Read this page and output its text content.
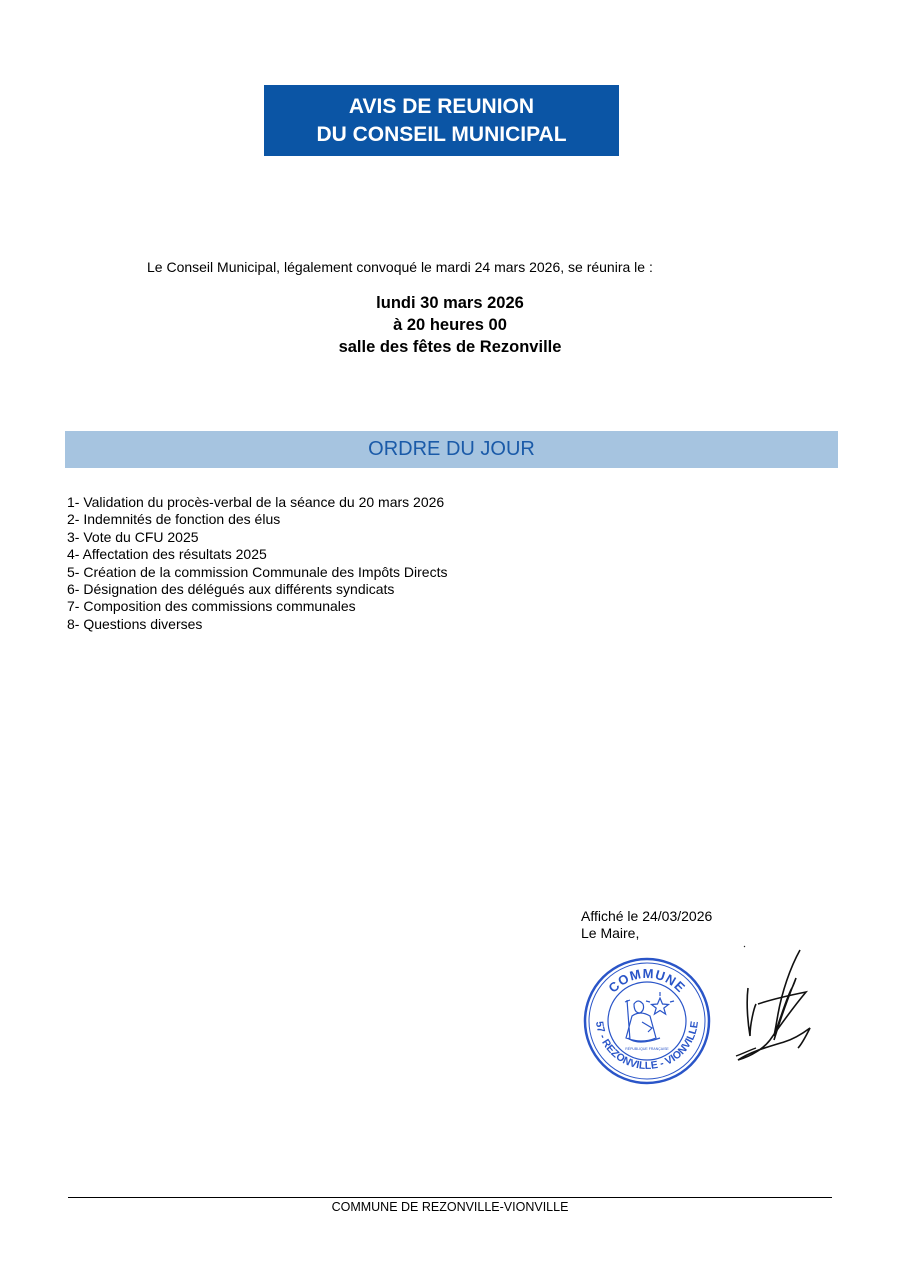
AVIS DE REUNION
DU CONSEIL MUNICIPAL
Le Conseil Municipal, légalement convoqué le mardi 24 mars 2026, se réunira le :
lundi 30 mars 2026
à 20 heures 00
salle des fêtes de Rezonville
ORDRE DU JOUR
1- Validation du procès-verbal de la séance du 20 mars 2026
2- Indemnités de fonction des élus
3- Vote du CFU 2025
4- Affectation des résultats 2025
5- Création de la commission Communale des Impôts Directs
6- Désignation des délégués aux différents syndicats
7- Composition des commissions communales
8- Questions diverses
Affiché le 24/03/2026
Le Maire,
COMMUNE
57 - REZONVILLE - VIONVILLE
RÉPUBLIQUE FRANÇAISE
COMMUNE DE REZONVILLE-VIONVILLE
